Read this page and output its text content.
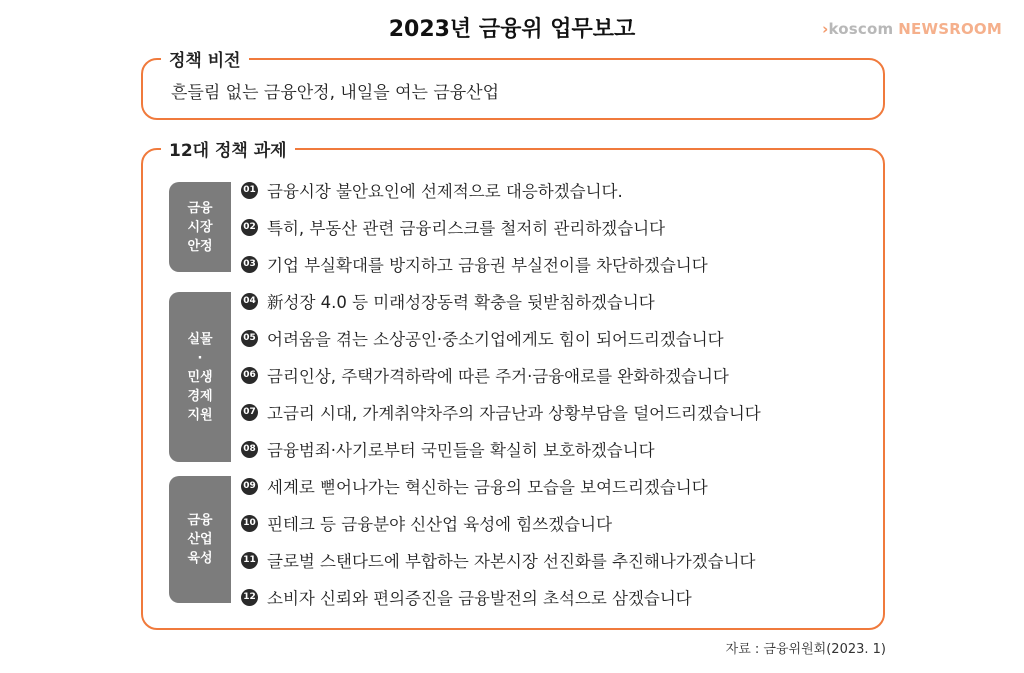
2023년 금융위 업무보고	›koscom NEWSROOM
정책 비전
흔들림 없는 금융안정, 내일을 여는 금융산업
12대 정책 과제
금융
시장
안정
실물
·
민생
경제
지원
금융
산업
육성
01 금융시장 불안요인에 선제적으로 대응하겠습니다.
02 특히, 부동산 관련 금융리스크를 철저히 관리하겠습니다
03 기업 부실확대를 방지하고 금융권 부실전이를 차단하겠습니다
04 新성장 4.0 등 미래성장동력 확충을 뒷받침하겠습니다
05 어려움을 겪는 소상공인·중소기업에게도 힘이 되어드리겠습니다
06 금리인상, 주택가격하락에 따른 주거·금융애로를 완화하겠습니다
07 고금리 시대, 가계취약차주의 자금난과 상황부담을 덜어드리겠습니다
08 금융범죄·사기로부터 국민들을 확실히 보호하겠습니다
09 세계로 뻗어나가는 혁신하는 금융의 모습을 보여드리겠습니다
10 핀테크 등 금융분야 신산업 육성에 힘쓰겠습니다
11 글로벌 스탠다드에 부합하는 자본시장 선진화를 추진해나가겠습니다
12 소비자 신뢰와 편의증진을 금융발전의 초석으로 삼겠습니다
자료 : 금융위원회(2023. 1)
